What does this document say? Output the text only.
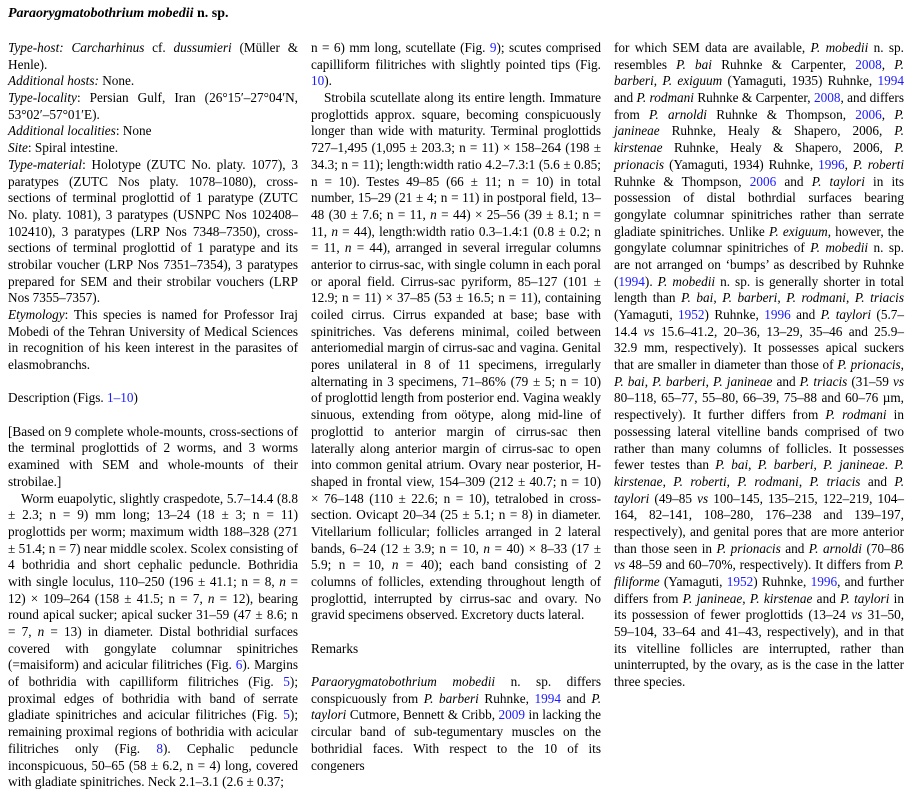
Paraorygmatobothrium mobedii n. sp.

Type-host: Carcharhinus cf. dussumieri (Müller & Henle).

Additional hosts: None.

Type-locality: Persian Gulf, Iran (26°15′–27°04′N, 53°02′–57°01′E).

Additional localities: None

Site: Spiral intestine.

Type-material: Holotype (ZUTC No. platy. 1077), 3 paratypes (ZUTC Nos platy. 1078–1080), cross-sections of terminal proglottid of 1 paratype (ZUTC No. platy. 1081), 3 paratypes (USNPC Nos 102408–102410), 3 paratypes (LRP Nos 7348–7350), cross-sections of terminal proglottid of 1 paratype and its strobilar voucher (LRP Nos 7351–7354), 3 paratypes prepared for SEM and their strobilar vouchers (LRP Nos 7355–7357).

Etymology: This species is named for Professor Iraj Mobedi of the Tehran University of Medical Sciences in recognition of his keen interest in the parasites of elasmobranchs.

Description (Figs. 1–10)

[Based on 9 complete whole-mounts, cross-sections of the terminal proglottids of 2 worms, and 3 worms examined with SEM and whole-mounts of their strobilae.]

Worm euapolytic, slightly craspedote, 5.7–14.4 (8.8 ± 2.3; n = 9) mm long; 13–24 (18 ± 3; n = 11) proglottids per worm; maximum width 188–328 (271 ± 51.4; n = 7) near middle scolex. Scolex consisting of 4 bothridia and short cephalic peduncle. Bothridia with single loculus, 110–250 (196 ± 41.1; n = 8, n = 12) × 109–264 (158 ± 41.5; n = 7, n = 12), bearing round apical sucker; apical sucker 31–59 (47 ± 8.6; n = 7, n = 13) in diameter. Distal bothridial surfaces covered with gongylate columnar spinitriches (=maisiform) and acicular filitriches (Fig. 6). Margins of bothridia with capilliform filitriches (Fig. 5); proximal edges of bothridia with band of serrate gladiate spinitriches and acicular filitriches (Fig. 5); remaining proximal regions of bothridia with acicular filitriches only (Fig. 8). Cephalic peduncle inconspicuous, 50–65 (58 ± 6.2, n = 4) long, covered with gladiate spinitriches. Neck 2.1–3.1 (2.6 ± 0.37;

n = 6) mm long, scutellate (Fig. 9); scutes comprised capilliform filitriches with slightly pointed tips (Fig. 10).

Strobila scutellate along its entire length. Immature proglottids approx. square, becoming conspicuously longer than wide with maturity. Terminal proglottids 727–1,495 (1,095 ± 203.3; n = 11) × 158–264 (198 ± 34.3; n = 11); length:width ratio 4.2–7.3:1 (5.6 ± 0.85; n = 10). Testes 49–85 (66 ± 11; n = 10) in total number, 15–29 (21 ± 4; n = 11) in postporal field, 13–48 (30 ± 7.6; n = 11, n = 44) × 25–56 (39 ± 8.1; n = 11, n = 44), length:width ratio 0.3–1.4:1 (0.8 ± 0.2; n = 11, n = 44), arranged in several irregular columns anterior to cirrus-sac, with single column in each poral or aporal field. Cirrus-sac pyriform, 85–127 (101 ± 12.9; n = 11) × 37–85 (53 ± 16.5; n = 11), containing coiled cirrus. Cirrus expanded at base; base with spinitriches. Vas deferens minimal, coiled between anteriomedial margin of cirrus-sac and vagina. Genital pores unilateral in 8 of 11 specimens, irregularly alternating in 3 specimens, 71–86% (79 ± 5; n = 10) of proglottid length from posterior end. Vagina weakly sinuous, extending from oötype, along mid-line of proglottid to anterior margin of cirrus-sac then laterally along anterior margin of cirrus-sac to open into common genital atrium. Ovary near posterior, H-shaped in frontal view, 154–309 (212 ± 40.7; n = 10) × 76–148 (110 ± 22.6; n = 10), tetralobed in cross-section. Ovicapt 20–34 (25 ± 5.1; n = 8) in diameter. Vitellarium follicular; follicles arranged in 2 lateral bands, 6–24 (12 ± 3.9; n = 10, n = 40) × 8–33 (17 ± 5.9; n = 10, n = 40); each band consisting of 2 columns of follicles, extending throughout length of proglottid, interrupted by cirrus-sac and ovary. No gravid specimens observed. Excretory ducts lateral.

Remarks

Paraorygmatobothrium mobedii n. sp. differs conspicuously from P. barberi Ruhnke, 1994 and P. taylori Cutmore, Bennett & Cribb, 2009 in lacking the circular band of sub-tegumentary muscles on the bothridial faces. With respect to the 10 of its congeners

for which SEM data are available, P. mobedii n. sp. resembles P. bai Ruhnke & Carpenter, 2008, P. barberi, P. exiguum (Yamaguti, 1935) Ruhnke, 1994 and P. rodmani Ruhnke & Carpenter, 2008, and differs from P. arnoldi Ruhnke & Thompson, 2006, P. janineae Ruhnke, Healy & Shapero, 2006, P. kirstenae Ruhnke, Healy & Shapero, 2006, P. prionacis (Yamaguti, 1934) Ruhnke, 1996, P. roberti Ruhnke & Thompson, 2006 and P. taylori in its possession of distal bothrdial surfaces bearing gongylate columnar spinitriches rather than serrate gladiate spinitriches. Unlike P. exiguum, however, the gongylate columnar spinitriches of P. mobedii n. sp. are not arranged on ‘bumps’ as described by Ruhnke (1994). P. mobedii n. sp. is generally shorter in total length than P. bai, P. barberi, P. rodmani, P. triacis (Yamaguti, 1952) Ruhnke, 1996 and P. taylori (5.7–14.4 vs 15.6–41.2, 20–36, 13–29, 35–46 and 25.9–32.9 mm, respectively). It possesses apical suckers that are smaller in diameter than those of P. prionacis, P. bai, P. barberi, P. janineae and P. triacis (31–59 vs 80–118, 65–77, 55–80, 66–39, 75–88 and 60–76 µm, respectively). It further differs from P. rodmani in possessing lateral vitelline bands comprised of two rather than many columns of follicles. It possesses fewer testes than P. bai, P. barberi, P. janineae. P. kirstenae, P. roberti, P. rodmani, P. triacis and P. taylori (49–85 vs 100–145, 135–215, 122–219, 104–164, 82–141, 108–280, 176–238 and 139–197, respectively), and genital pores that are more anterior than those seen in P. prionacis and P. arnoldi (70–86 vs 48–59 and 60–70%, respectively). It differs from P. filiforme (Yamaguti, 1952) Ruhnke, 1996, and further differs from P. janineae, P. kirstenae and P. taylori in its possession of fewer proglottids (13–24 vs 31–50, 59–104, 33–64 and 41–43, respectively), and in that its vitelline follicles are interrupted, rather than uninterrupted, by the ovary, as is the case in the latter three species.
